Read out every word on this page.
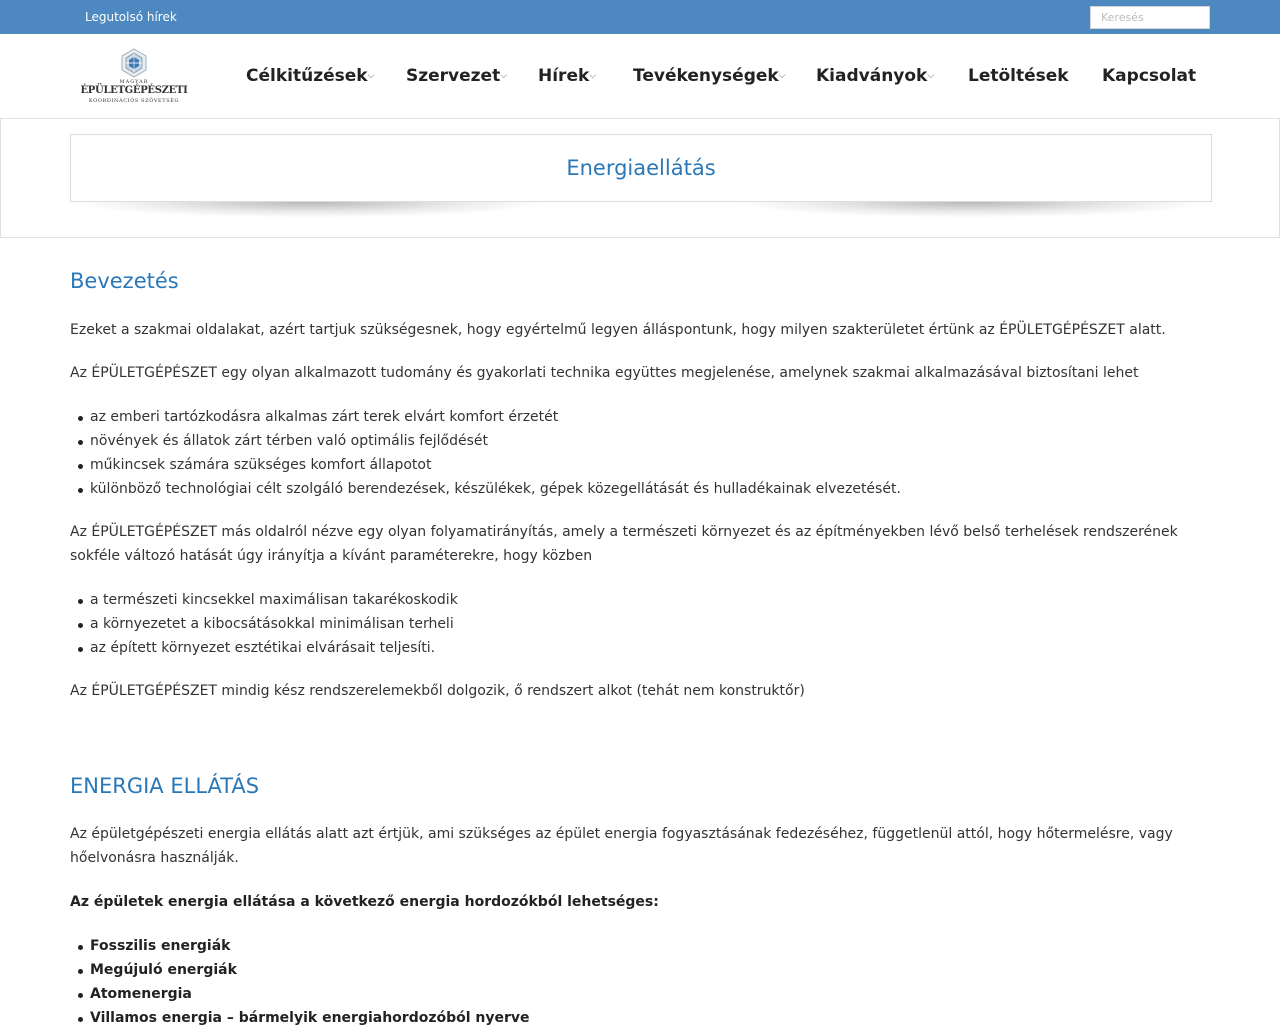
Legutolsó hírek
Keresés
MAGYAR
ÉPÜLETGÉPÉSZETI
KOORDINÁCIÓS SZÖVETSÉG
Célkitűzések⌵ Szervezet⌵ Hírek⌵ Tevékenységek⌵ Kiadványok⌵ Letöltések Kapcsolat
Energiaellátás
Bevezetés

Ezeket a szakmai oldalakat, azért tartjuk szükségesnek, hogy egyértelmű legyen álláspontunk, hogy milyen szakterületet értünk az ÉPÜLETGÉPÉSZET alatt.

Az ÉPÜLETGÉPÉSZET egy olyan alkalmazott tudomány és gyakorlati technika együttes megjelenése, amelynek szakmai alkalmazásával biztosítani lehet

az emberi tartózkodásra alkalmas zárt terek elvárt komfort érzetét
növények és állatok zárt térben való optimális fejlődését
műkincsek számára szükséges komfort állapotot
különböző technológiai célt szolgáló berendezések, készülékek, gépek közegellátását és hulladékainak elvezetését.

Az ÉPÜLETGÉPÉSZET más oldalról nézve egy olyan folyamatirányítás, amely a természeti környezet és az építményekben lévő belső terhelések rendszerének sokféle változó hatását úgy irányítja a kívánt paraméterekre, hogy közben

a természeti kincsekkel maximálisan takarékoskodik
a környezetet a kibocsátásokkal minimálisan terheli
az épített környezet esztétikai elvárásait teljesíti.

Az ÉPÜLETGÉPÉSZET mindig kész rendszerelemekből dolgozik, ő rendszert alkot (tehát nem konstruktőr)

ENERGIA ELLÁTÁS

Az épületgépészeti energia ellátás alatt azt értjük, ami szükséges az épület energia fogyasztásának fedezéséhez, függetlenül attól, hogy hőtermelésre, vagy hőelvonásra használják.

Az épületek energia ellátása a következő energia hordozókból lehetséges:

Fosszilis energiák
Megújuló energiák
Atomenergia
Villamos energia – bármelyik energiahordozóból nyerve
